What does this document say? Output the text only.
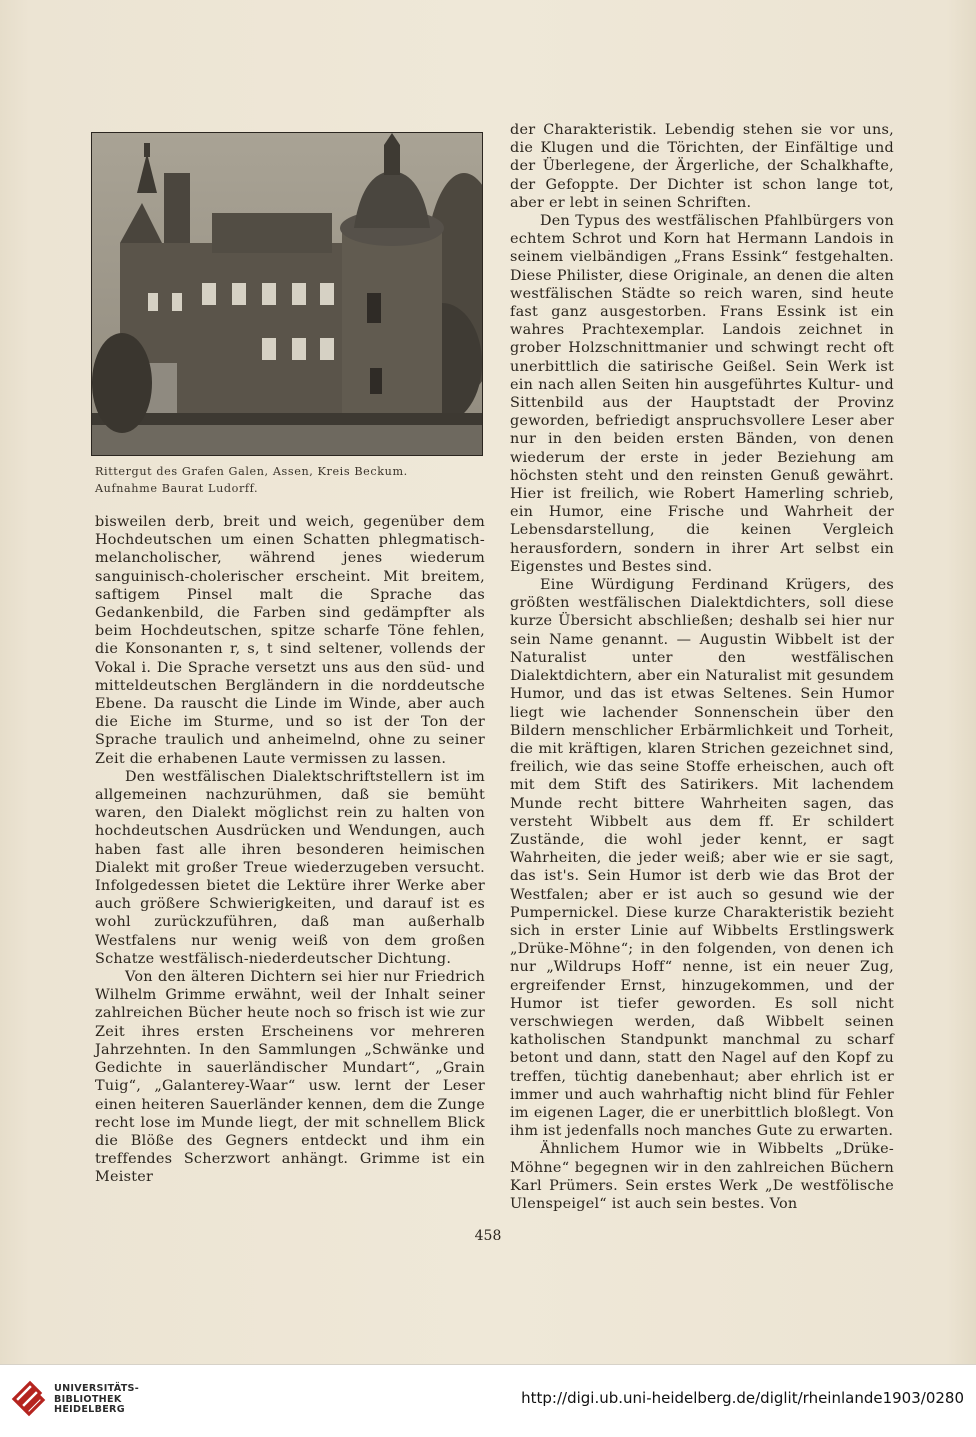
Rittergut des Grafen Galen, Assen, Kreis Beckum.
Aufnahme Baurat Ludorff.

bisweilen derb, breit und weich, gegenüber dem Hochdeutschen um einen Schatten phlegmatisch-melancholischer, während jenes wiederum sanguinisch-cholerischer erscheint. Mit breitem, saftigem Pinsel malt die Sprache das Gedankenbild, die Farben sind gedämpfter als beim Hochdeutschen, spitze scharfe Töne fehlen, die Konsonanten r, s, t sind seltener, vollends der Vokal i. Die Sprache versetzt uns aus den süd- und mitteldeutschen Bergländern in die norddeutsche Ebene. Da rauscht die Linde im Winde, aber auch die Eiche im Sturme, und so ist der Ton der Sprache traulich und anheimelnd, ohne zu seiner Zeit die erhabenen Laute vermissen zu lassen.

Den westfälischen Dialektschriftstellern ist im allgemeinen nachzurühmen, daß sie bemüht waren, den Dialekt möglichst rein zu halten von hochdeutschen Ausdrücken und Wendungen, auch haben fast alle ihren besonderen heimischen Dialekt mit großer Treue wiederzugeben versucht. Infolgedessen bietet die Lektüre ihrer Werke aber auch größere Schwierigkeiten, und darauf ist es wohl zurückzuführen, daß man außerhalb Westfalens nur wenig weiß von dem großen Schatze westfälisch-niederdeutscher Dichtung.

Von den älteren Dichtern sei hier nur Friedrich Wilhelm Grimme erwähnt, weil der Inhalt seiner zahlreichen Bücher heute noch so frisch ist wie zur Zeit ihres ersten Erscheinens vor mehreren Jahrzehnten. In den Sammlungen „Schwänke und Gedichte in sauerländischer Mundart“, „Grain Tuig“, „Galanterey-Waar“ usw. lernt der Leser einen heiteren Sauerländer kennen, dem die Zunge recht lose im Munde liegt, der mit schnellem Blick die Blöße des Gegners entdeckt und ihm ein treffendes Scherzwort anhängt. Grimme ist ein Meister

der Charakteristik. Lebendig stehen sie vor uns, die Klugen und die Törichten, der Einfältige und der Überlegene, der Ärgerliche, der Schalkhafte, der Gefoppte. Der Dichter ist schon lange tot, aber er lebt in seinen Schriften.

Den Typus des westfälischen Pfahlbürgers von echtem Schrot und Korn hat Hermann Landois in seinem vielbändigen „Frans Essink“ festgehalten. Diese Philister, diese Originale, an denen die alten westfälischen Städte so reich waren, sind heute fast ganz ausgestorben. Frans Essink ist ein wahres Prachtexemplar. Landois zeichnet in grober Holzschnittmanier und schwingt recht oft unerbittlich die satirische Geißel. Sein Werk ist ein nach allen Seiten hin ausgeführtes Kultur- und Sittenbild aus der Hauptstadt der Provinz geworden, befriedigt anspruchsvollere Leser aber nur in den beiden ersten Bänden, von denen wiederum der erste in jeder Beziehung am höchsten steht und den reinsten Genuß gewährt. Hier ist freilich, wie Robert Hamerling schrieb, ein Humor, eine Frische und Wahrheit der Lebensdarstellung, die keinen Vergleich herausfordern, sondern in ihrer Art selbst ein Eigenstes und Bestes sind.

Eine Würdigung Ferdinand Krügers, des größten westfälischen Dialektdichters, soll diese kurze Übersicht abschließen; deshalb sei hier nur sein Name genannt. — Augustin Wibbelt ist der Naturalist unter den westfälischen Dialektdichtern, aber ein Naturalist mit gesundem Humor, und das ist etwas Seltenes. Sein Humor liegt wie lachender Sonnenschein über den Bildern menschlicher Erbärmlichkeit und Torheit, die mit kräftigen, klaren Strichen gezeichnet sind, freilich, wie das seine Stoffe erheischen, auch oft mit dem Stift des Satirikers. Mit lachendem Munde recht bittere Wahrheiten sagen, das versteht Wibbelt aus dem ff. Er schildert Zustände, die wohl jeder kennt, er sagt Wahrheiten, die jeder weiß; aber wie er sie sagt, das ist's. Sein Humor ist derb wie das Brot der Westfalen; aber er ist auch so gesund wie der Pumpernickel. Diese kurze Charakteristik bezieht sich in erster Linie auf Wibbelts Erstlingswerk „Drüke-Möhne“; in den folgenden, von denen ich nur „Wildrups Hoff“ nenne, ist ein neuer Zug, ergreifender Ernst, hinzugekommen, und der Humor ist tiefer geworden. Es soll nicht verschwiegen werden, daß Wibbelt seinen katholischen Standpunkt manchmal zu scharf betont und dann, statt den Nagel auf den Kopf zu treffen, tüchtig danebenhaut; aber ehrlich ist er immer und auch wahrhaftig nicht blind für Fehler im eigenen Lager, die er unerbittlich bloßlegt. Von ihm ist jedenfalls noch manches Gute zu erwarten.

Ähnlichem Humor wie in Wibbelts „Drüke-Möhne“ begegnen wir in den zahlreichen Büchern Karl Prümers. Sein erstes Werk „De westfölische Ulenspeigel“ ist auch sein bestes. Von

458
UNIVERSITÄTS-
BIBLIOTHEK
HEIDELBERG
http://digi.ub.uni-heidelberg.de/diglit/rheinlande1903/0280
